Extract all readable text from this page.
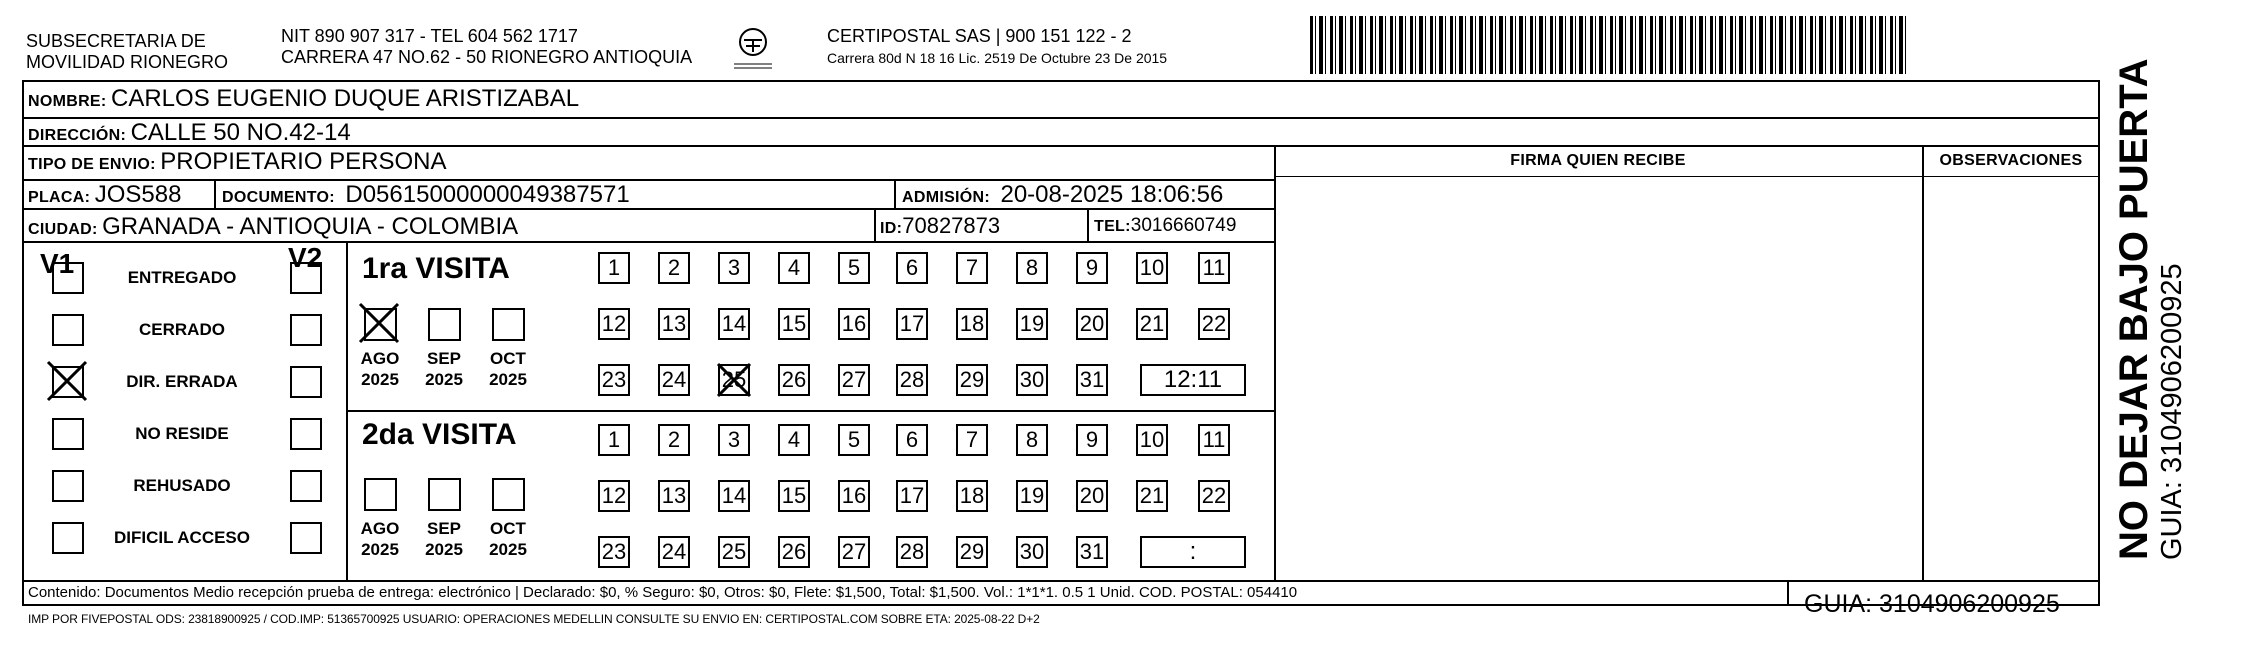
SUBSECRETARIA DE
MOVILIDAD RIONEGRO
NIT 890 907 317 - TEL 604 562 1717
CARRERA 47 NO.62 - 50 RIONEGRO ANTIOQUIA
CERTIPOSTAL SAS | 900 151 122 - 2
Carrera 80d N 18 16 Lic. 2519 De Octubre 23 De 2015
NOMBRE: CARLOS EUGENIO DUQUE ARISTIZABAL
DIRECCIÓN: CALLE 50 NO.42-14
TIPO DE ENVIO: PROPIETARIO PERSONA
PLACA: JOS588	DOCUMENTO: D05615000000049387571	ADMISIÓN: 20-08-2025 18:06:56
CIUDAD: GRANADA - ANTIOQUIA - COLOMBIA	ID:70827873	TEL:3016660749
FIRMA QUIEN RECIBE	OBSERVACIONES
V1	V2 1ra VISITA
2da VISITA
Contenido: Documentos Medio recepción prueba de entrega: electrónico | Declarado: $0, % Seguro: $0, Otros: $0, Flete: $1,500, Total: $1,500. Vol.: 1*1*1. 0.5 1 Unid. COD. POSTAL: 054410
IMP POR FIVEPOSTAL ODS: 23818900925 / COD.IMP: 51365700925 USUARIO: OPERACIONES MEDELLIN CONSULTE SU ENVIO EN: CERTIPOSTAL.COM SOBRE ETA: 2025-08-22 D+2
GUIA: 3104906200925
ENTREGADO
CERRADO
DIR. ERRADA
NO RESIDE
REHUSADO
DIFICIL ACCESO
AGO
2025
SEP
2025
OCT
2025
AGO
2025
SEP
2025
OCT
2025
1	2	3	4	5	6	7	8	9	10 11
12 13 14 15 16 17 18 19 20 21 22
23 24 25 26 27 28 29 30 31	12:11
1	2	3	4	5	6	7	8	9	10 11
12 13 14 15 16 17 18 19 20 21 22
23 24 25 26 27 28 29 30 31	:	NO DEJAR BAJO PUERTA GUIA: 3104906200925
